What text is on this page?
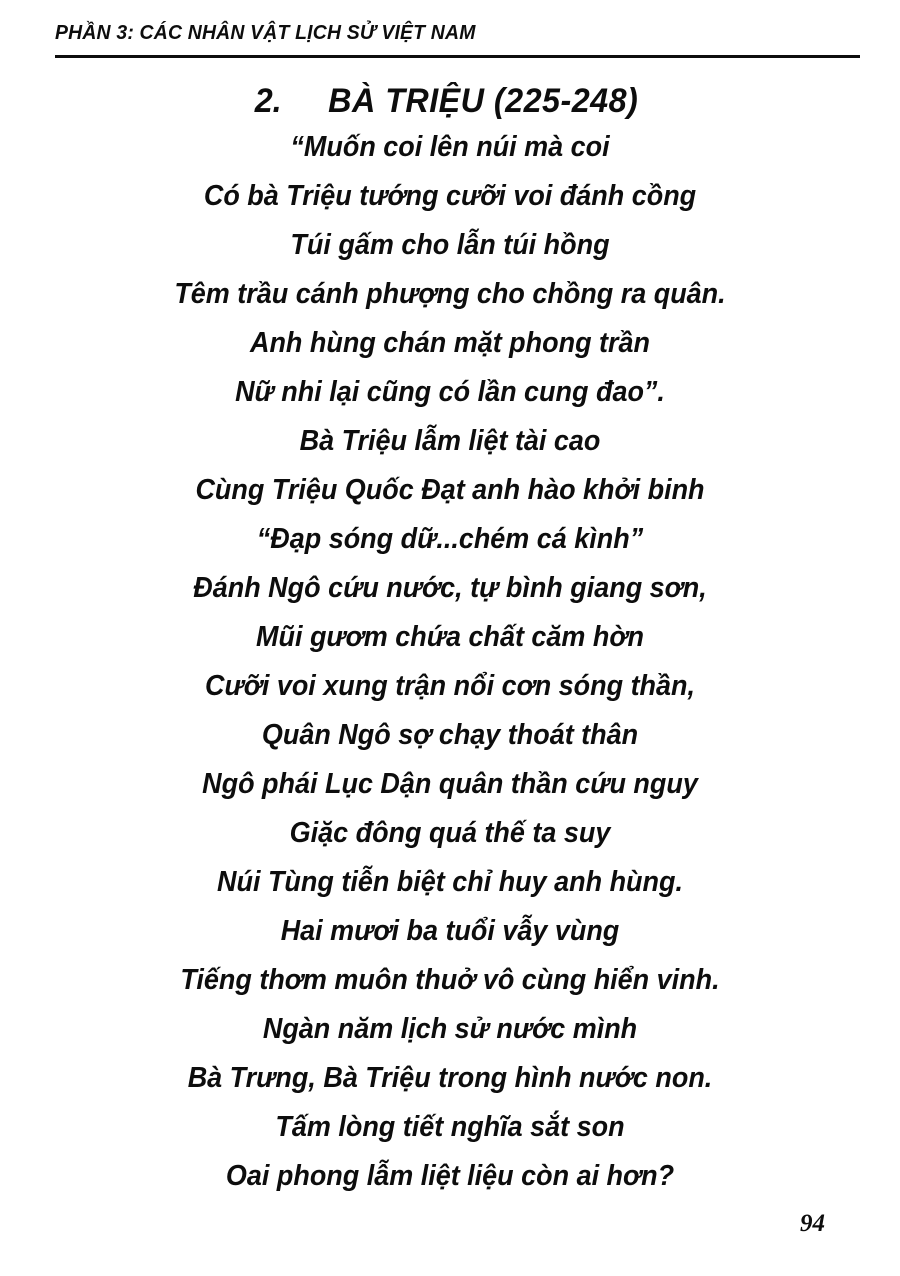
PHẦN 3: CÁC NHÂN VẬT LỊCH SỬ VIỆT NAM
2. BÀ TRIỆU (225-248)
“Muốn coi lên núi mà coi
Có bà Triệu tướng cưỡi voi đánh cồng
Túi gấm cho lẫn túi hồng
Têm trầu cánh phượng cho chồng ra quân.
Anh hùng chán mặt phong trần
Nữ nhi lại cũng có lần cung đao”.
Bà Triệu lẫm liệt tài cao
Cùng Triệu Quốc Đạt anh hào khởi binh
“Đạp sóng dữ...chém cá kình”
Đánh Ngô cứu nước, tự bình giang sơn,
Mũi gươm chứa chất căm hờn
Cưỡi voi xung trận nổi cơn sóng thần,
Quân Ngô sợ chạy thoát thân
Ngô phái Lục Dận quân thần cứu nguy
Giặc đông quá thế ta suy
Núi Tùng tiễn biệt chỉ huy anh hùng.
Hai mươi ba tuổi vẫy vùng
Tiếng thơm muôn thuở vô cùng hiển vinh.
Ngàn năm lịch sử nước mình
Bà Trưng, Bà Triệu trong hình nước non.
Tấm lòng tiết nghĩa sắt son
Oai phong lẫm liệt liệu còn ai hơn?
94
